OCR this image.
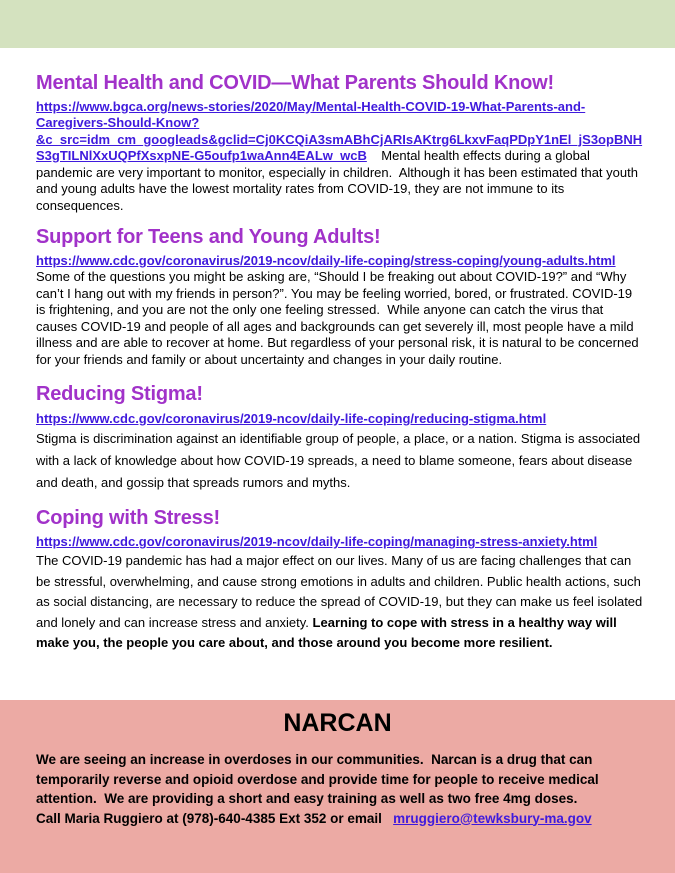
Mental Health and COVID—What Parents Should Know!

https://www.bgca.org/news-stories/2020/May/Mental-Health-COVID-19-What-Parents-and-Caregivers-Should-Know?&c_src=idm_cm_googleads&gclid=Cj0KCQiA3smABhCjARIsAKtrg6LkxvFaqPDpY1nEl_jS3opBNHS3gTILNlXxUQPfXsxpNE-G5oufp1waAnn4EALw_wcB    Mental health effects during a global pandemic are very important to monitor, especially in children.  Although it has been estimated that youth and young adults have the lowest mortality rates from COVID-19, they are not immune to its consequences.

Support for Teens and Young Adults!

https://www.cdc.gov/coronavirus/2019-ncov/daily-life-coping/stress-coping/young-adults.html   Some of the questions you might be asking are, “Should I be freaking out about COVID-19?” and “Why can’t I hang out with my friends in person?”. You may be feeling worried, bored, or frustrated. COVID-19 is frightening, and you are not the only one feeling stressed.  While anyone can catch the virus that causes COVID-19 and people of all ages and backgrounds can get severely ill, most people have a mild illness and are able to recover at home. But regardless of your personal risk, it is natural to be concerned for your friends and family or about uncertainty and changes in your daily routine.

Reducing Stigma!
https://www.cdc.gov/coronavirus/2019-ncov/daily-life-coping/reducing-stigma.html

Stigma is discrimination against an identifiable group of people, a place, or a nation. Stigma is associated with a lack of knowledge about how COVID-19 spreads, a need to blame someone, fears about disease and death, and gossip that spreads rumors and myths.

Coping with Stress!
https://www.cdc.gov/coronavirus/2019-ncov/daily-life-coping/managing-stress-anxiety.html

The COVID-19 pandemic has had a major effect on our lives. Many of us are facing challenges that can be stressful, overwhelming, and cause strong emotions in adults and children. Public health actions, such as social distancing, are necessary to reduce the spread of COVID-19, but they can make us feel isolated and lonely and can increase stress and anxiety. Learning to cope with stress in a healthy way will make you, the people you care about, and those around you become more resilient.

NARCAN

We are seeing an increase in overdoses in our communities.  Narcan is a drug that can temporarily reverse and opioid overdose and provide time for people to receive medical attention.  We are providing a short and easy training as well as two free 4mg doses.

Call Maria Ruggiero at (978)-640-4385 Ext 352 or email   mruggiero@tewksbury-ma.gov
